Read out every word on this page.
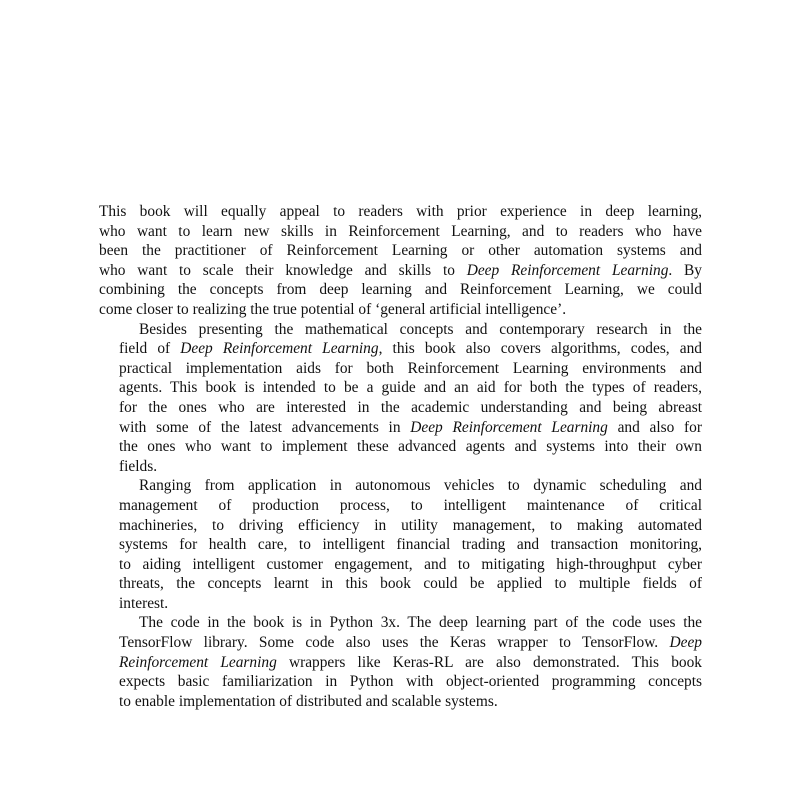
This book will equally appeal to readers with prior experience in deep learning,
who want to learn new skills in Reinforcement Learning, and to readers who have
been the practitioner of Reinforcement Learning or other automation systems and
who want to scale their knowledge and skills to Deep Reinforcement Learning. By
combining the concepts from deep learning and Reinforcement Learning, we could
come closer to realizing the true potential of ‘general artificial intelligence’.
Besides presenting the mathematical concepts and contemporary research in the
field of Deep Reinforcement Learning, this book also covers algorithms, codes, and
practical implementation aids for both Reinforcement Learning environments and
agents. This book is intended to be a guide and an aid for both the types of readers,
for the ones who are interested in the academic understanding and being abreast
with some of the latest advancements in Deep Reinforcement Learning and also for
the ones who want to implement these advanced agents and systems into their own
fields.
Ranging from application in autonomous vehicles to dynamic scheduling and
management of production process, to intelligent maintenance of critical
machineries, to driving efficiency in utility management, to making automated
systems for health care, to intelligent financial trading and transaction monitoring,
to aiding intelligent customer engagement, and to mitigating high-throughput cyber
threats, the concepts learnt in this book could be applied to multiple fields of
interest.
The code in the book is in Python 3x. The deep learning part of the code uses the
TensorFlow library. Some code also uses the Keras wrapper to TensorFlow. Deep
Reinforcement Learning wrappers like Keras-RL are also demonstrated. This book
expects basic familiarization in Python with object-oriented programming concepts
to enable implementation of distributed and scalable systems.
